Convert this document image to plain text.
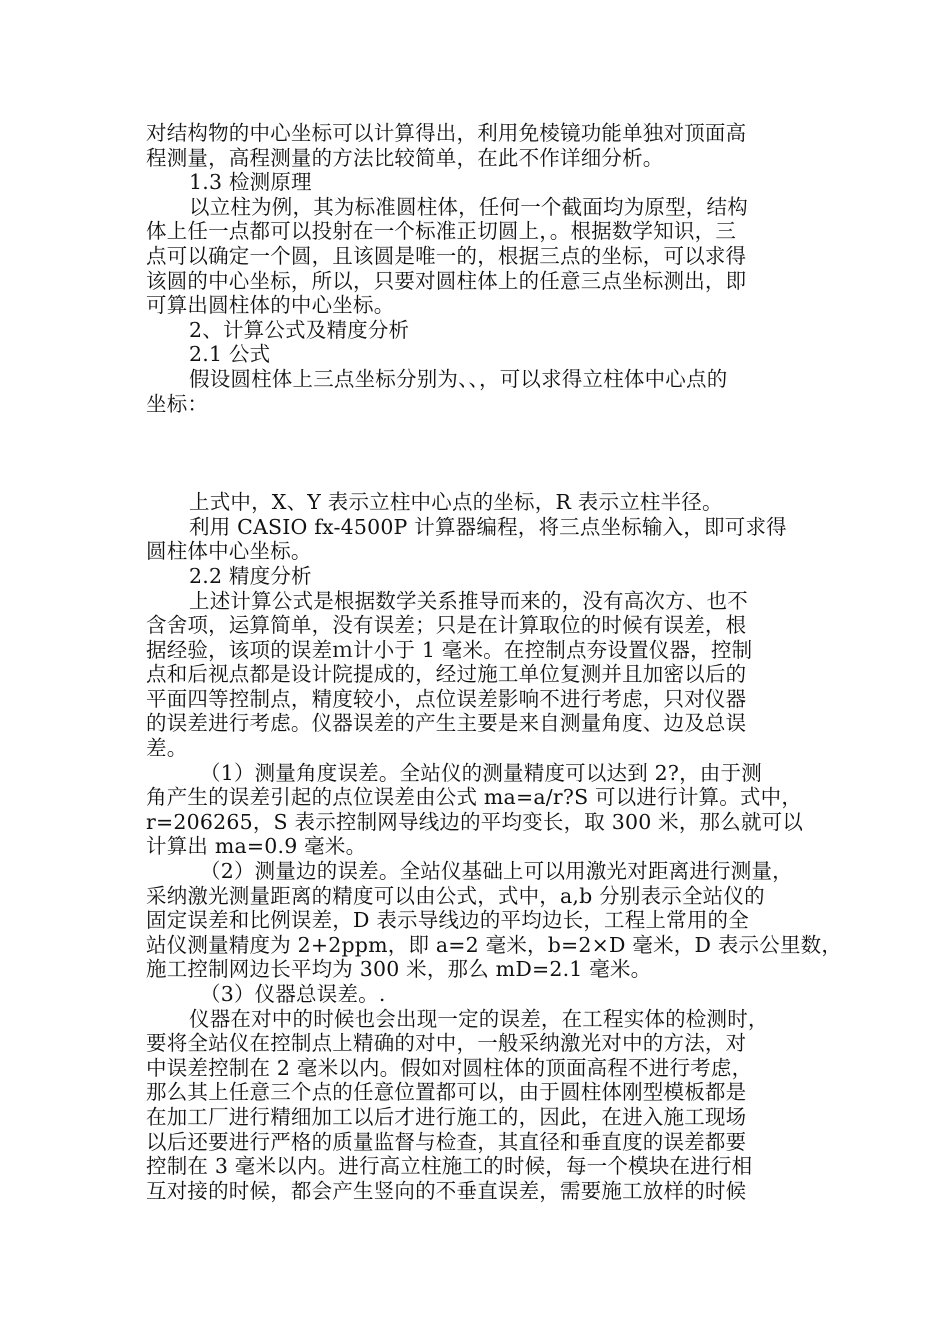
对结构物的中心坐标可以计算得出，利用免棱镜功能单独对顶面高
程测量，高程测量的方法比较简单，在此不作详细分析。
1.3 检测原理
以立柱为例，其为标准圆柱体，任何一个截面均为原型，结构
体上任一点都可以投射在一个标准正切圆上，。根据数学知识，三
点可以确定一个圆，且该圆是唯一的，根据三点的坐标，可以求得
该圆的中心坐标，所以，只要对圆柱体上的任意三点坐标测出，即
可算出圆柱体的中心坐标。
2、计算公式及精度分析
2.1 公式
假设圆柱体上三点坐标分别为、、，可以求得立柱体中心点的
坐标：
上式中，X、Y 表示立柱中心点的坐标，R 表示立柱半径。
利用 CASIO fx-4500P 计算器编程，将三点坐标输入，即可求得
圆柱体中心坐标。
2.2 精度分析
上述计算公式是根据数学关系推导而来的，没有高次方、也不
含舍项，运算简单，没有误差；只是在计算取位的时候有误差，根
据经验，该项的误差ｍ计小于 1 毫米。在控制点夯设置仪器，控制
点和后视点都是设计院提成的，经过施工单位复测并且加密以后的
平面四等控制点，精度较小，点位误差影响不进行考虑，只对仪器
的误差进行考虑。仪器误差的产生主要是来自测量角度、边及总误
差。
（1）测量角度误差。全站仪的测量精度可以达到 2?，由于测
角产生的误差引起的点位误差由公式 ma=a/r?S 可以进行计算。式中，
r=206265，S 表示控制网导线边的平均变长，取 300 米，那么就可以
计算出 ma=0.9 毫米。
（2）测量边的误差。全站仪基础上可以用激光对距离进行测量，
采纳激光测量距离的精度可以由公式，式中，a,b 分别表示全站仪的
固定误差和比例误差，D 表示导线边的平均边长，工程上常用的全
站仪测量精度为 2+2ppm，即 a=2 毫米，b=2×D 毫米，D 表示公里数，
施工控制网边长平均为 300 米，那么 mD=2.1 毫米。
（3）仪器总误差。.
仪器在对中的时候也会出现一定的误差，在工程实体的检测时，
要将全站仪在控制点上精确的对中，一般采纳激光对中的方法，对
中误差控制在 2 毫米以内。假如对圆柱体的顶面高程不进行考虑，
那么其上任意三个点的任意位置都可以，由于圆柱体刚型模板都是
在加工厂进行精细加工以后才进行施工的，因此，在进入施工现场
以后还要进行严格的质量监督与检查，其直径和垂直度的误差都要
控制在 3 毫米以内。进行高立柱施工的时候，每一个模块在进行相
互对接的时候，都会产生竖向的不垂直误差，需要施工放样的时候
